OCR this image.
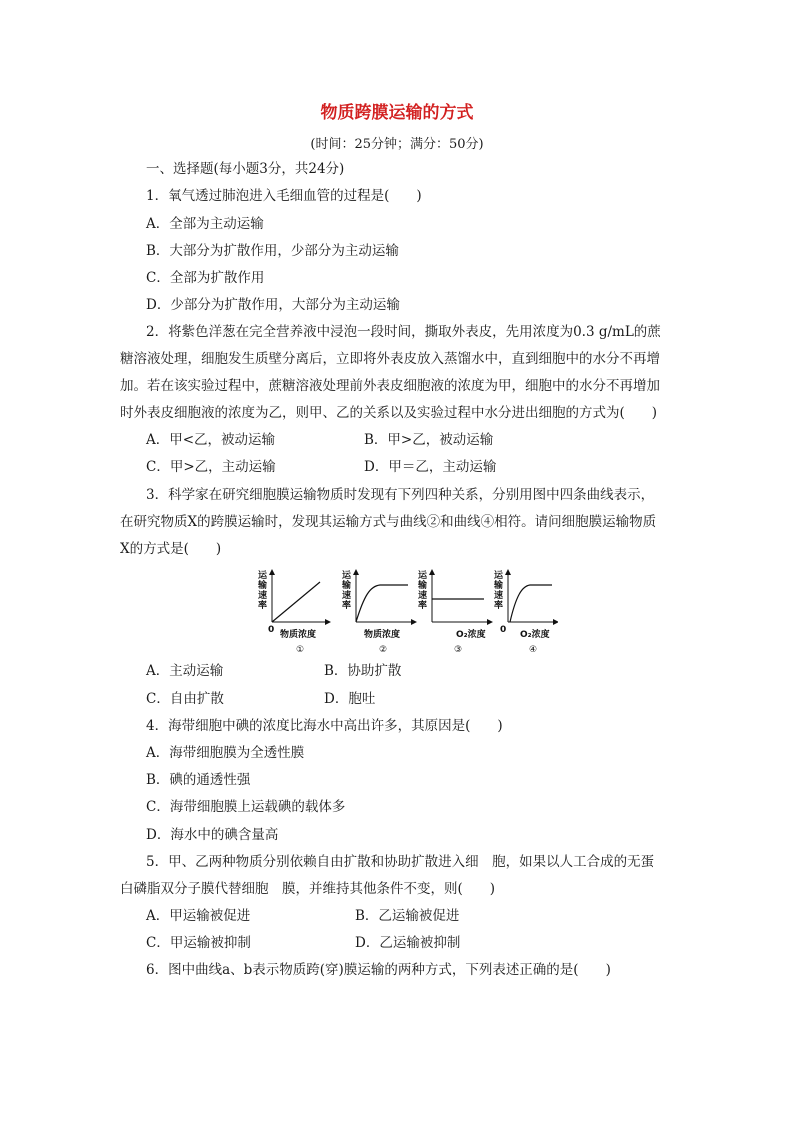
物质跨膜运输的方式
(时间：25分钟；满分：50分)
一、选择题(每小题3分，共24分)
1．氧气透过肺泡进入毛细血管的过程是(　　)
A．全部为主动运输
B．大部分为扩散作用，少部分为主动运输
C．全部为扩散作用
D．少部分为扩散作用，大部分为主动运输
2．将紫色洋葱在完全营养液中浸泡一段时间，撕取外表皮，先用浓度为0.3 g/mL的蔗
糖溶液处理，细胞发生质壁分离后，立即将外表皮放入蒸馏水中，直到细胞中的水分不再增
加。若在该实验过程中，蔗糖溶液处理前外表皮细胞液的浓度为甲，细胞中的水分不再增加
时外表皮细胞液的浓度为乙，则甲、乙的关系以及实验过程中水分进出细胞的方式为(　　)
A．甲<乙，被动运输	B．甲>乙，被动运输
C．甲>乙，主动运输	D．甲＝乙，主动运输
3．科学家在研究细胞膜运输物质时发现有下列四种关系，分别用图中四条曲线表示，
在研究物质X的跨膜运输时，发现其运输方式与曲线②和曲线④相符。请问细胞膜运输物质
X的方式是(　　)
运
输
速
率
0 物质浓度
①
运
输
速
率
物质浓度
②
运
输
速
率
O₂浓度
③
运
输
速
率
0 O₂浓度
④
A．主动运输	B．协助扩散
C．自由扩散	D．胞吐
4．海带细胞中碘的浓度比海水中高出许多，其原因是(　　)
A．海带细胞膜为全透性膜
B．碘的通透性强
C．海带细胞膜上运载碘的载体多
D．海水中的碘含量高
5．甲、乙两种物质分别依赖自由扩散和协助扩散进入细　胞，如果以人工合成的无蛋
白磷脂双分子膜代替细胞　膜，并维持其他条件不变，则(　　)
A．甲运输被促进	B．乙运输被促进
C．甲运输被抑制	D．乙运输被抑制
6．图中曲线a、b表示物质跨(穿)膜运输的两种方式，下列表述正确的是(　　)
